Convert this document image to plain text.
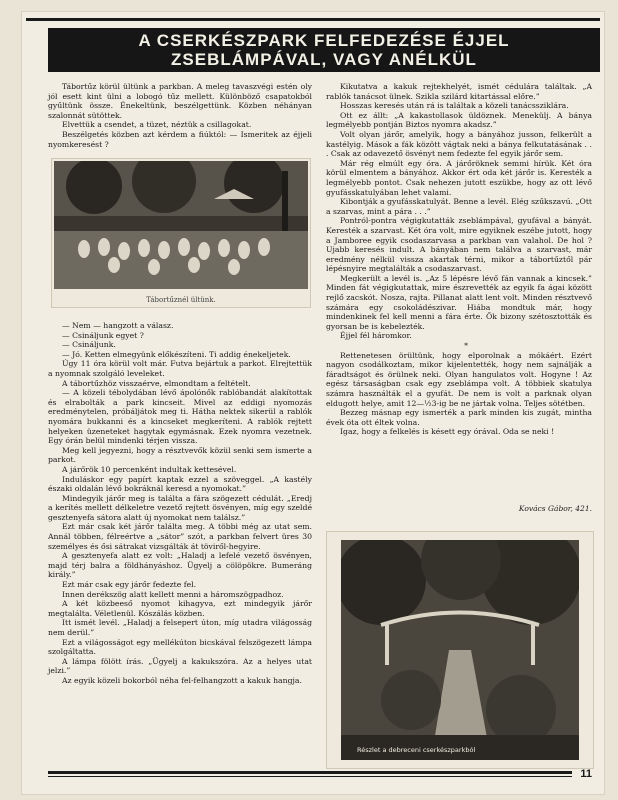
A CSERKÉSZPARK FELFEDEZÉSE ÉJJEL
ZSEBLÁMPÁVAL, VAGY ANÉLKÜL

Tábortűz körül ültünk a parkban. A meleg tavaszvégi estén oly jól esett kint ülni a lobogó tűz mellett. Különböző csapatokból gyűltünk össze. Énekeltünk, beszélgettünk. Közben néhányan szalonnát sütöttek.

Elvettük a csendet, a tüzet, néztük a csillagokat.

Beszélgetés közben azt kérdem a fiúktól: — Ismeritek az éjjeli nyomkeresést ?

Tábortűznél ültünk.

— Nem — hangzott a válasz.

— Csináljunk egyet ?

— Csináljunk.

— Jó. Ketten elmegyünk előkészíteni. Ti addig énekeljetek.

Úgy 11 óra körül volt már. Futva bejártuk a parkot. Elrejtettük a nyomnak szolgáló leveleket.

A tábortűzhöz visszaérve, elmondtam a feltételt.

— A közeli tébolydában lévő ápolónők rablóbandát alakítottak és elrabolták a park kincseit. Mivel az eddigi nyomozás eredménytelen, próbáljátok meg ti. Hátha nektek sikerül a rablók nyomára bukkanni és a kincseket megkeríteni. A rablók rejtett helyeken üzeneteket hagytak egymásnak. Ezek nyomra vezetnek. Egy órán belül mindenki térjen vissza.

Meg kell jegyezni, hogy a résztvevők közül senki sem ismerte a parkot.

A járőrök 10 percenként indultak kettesével.

Induláskor egy papírt kaptak ezzel a szöveggel. „A kastély északi oldalán lévő bokráknál keresd a nyomokat.”

Mindegyik járőr meg is találta a fára szögezett cédulát. „Eredj a kerítés mellett délkeletre vezető rejtett ösvényen, míg egy szeldé gesztenyefa sátora alatt új nyomokat nem találsz.”

Ezt már csak két járőr találta meg. A többi még az utat sem. Annál többen, félreértve a „sátor” szót, a parkban felvert üres 30 személyes és ősi sátrakat vizsgálták át töviről-hegyire.

A gesztenyefa alatt ez volt: „Haladj a lefelé vezető ösvényen, majd térj balra a földhányáshoz. Ügyelj a cölöpökre. Bumeráng király.”

Ezt már csak egy járőr fedezte fel.

Innen derékszög alatt kellett menni a háromszögpadhoz.

A két közbeeső nyomot kihagyva, ezt mindegyik járőr megtalálta. Véletlenül. Kószálás közben.

Itt ismét levél. „Haladj a felsepert úton, míg utadra világosság nem derül.”

Ezt a világosságot egy mellékúton bicskával felszögezett lámpa szolgáltatta.

A lámpa fölött írás. „Ügyelj a kakukszóra. Az a helyes utat jelzi.”

Az egyik közeli bokorból néha fel-felhangzott a kakuk hangja.

Kikutatva a kakuk rejtekhelyét, ismét cédulára találtak. „A rablók tanácsot ülnek. Szikla szilárd kitartással előre.”

Hosszas keresés után rá is találtak a közeli tanácssziklára.

Ott ez állt: „A kakastollasok üldöznek. Menekülj. A bánya legmélyebb pontján Biztos nyomra akadsz.”

Volt olyan járőr, amelyik, hogy a bányához jusson, felkerült a kastélyig. Mások a fák között vágtak neki a bánya felkutatásának . . . Csak az odavezető ösvényt nem fedezte fel egyik járőr sem.

Már rég elmúlt egy óra. A járőröknek semmi hírük. Két óra körül elmentem a bányához. Akkor ért oda két járőr is. Keresték a legmélyebb pontot. Csak nehezen jutott eszükbe, hogy az ott lévő gyufásskatulyában lehet valami.

Kibontják a gyufásskatulyát. Benne a levél. Elég szűkszavú. „Ott a szarvas, mint a pára . . .”

Pontról-pontra végigkutatták zseblámpával, gyufával a bányát. Keresték a szarvast. Két óra volt, mire egyiknek eszébe jutott, hogy a Jamboree egyik csodaszarvasa a parkban van valahol. De hol ? Ujabb keresés indult. A bányában nem találva a szarvast, már eredmény nélkül vissza akartak térni, mikor a tábortűztől pár lépésnyire megtalálták a csodaszarvast.

Megkerült a levél is. „Az 5 lépésre lévő fán vannak a kincsek.” Minden fát végigkutattak, mire észrevették az egyik fa ágai között rejlő zacskót. Nosza, rajta. Pillanat alatt lent volt. Minden résztvevő számára egy csokoládészivar. Hiába mondtuk már, hogy mindenkinek fel kell menni a fára érte. Ők bizony szétosztották és gyorsan be is kebelezték.

Éjjel fél háromkor.

*

Rettenetesen örültünk, hogy elporolnak a mókáért. Ezért nagyon csodálkoztam, mikor kijelentették, hogy nem sajnálják a fáradtságot és örülnek neki. Olyan hangulatos volt. Hogyne ! Az egész társaságban csak egy zseblámpa volt. A többiek skatulya számra használták el a gyufát. De nem is volt a parknak olyan eldugott helye, amit 12—½3-ig be ne jártak volna. Teljes sötétben.

Bezzeg másnap egy ismerték a park minden kis zugát, mintha évek óta ott éltek volna.

Igaz, hogy a felkelés is késett egy órával. Oda se neki !

Kovács Gábor, 421.
Részlet a debreceni cserkészparkból
11
